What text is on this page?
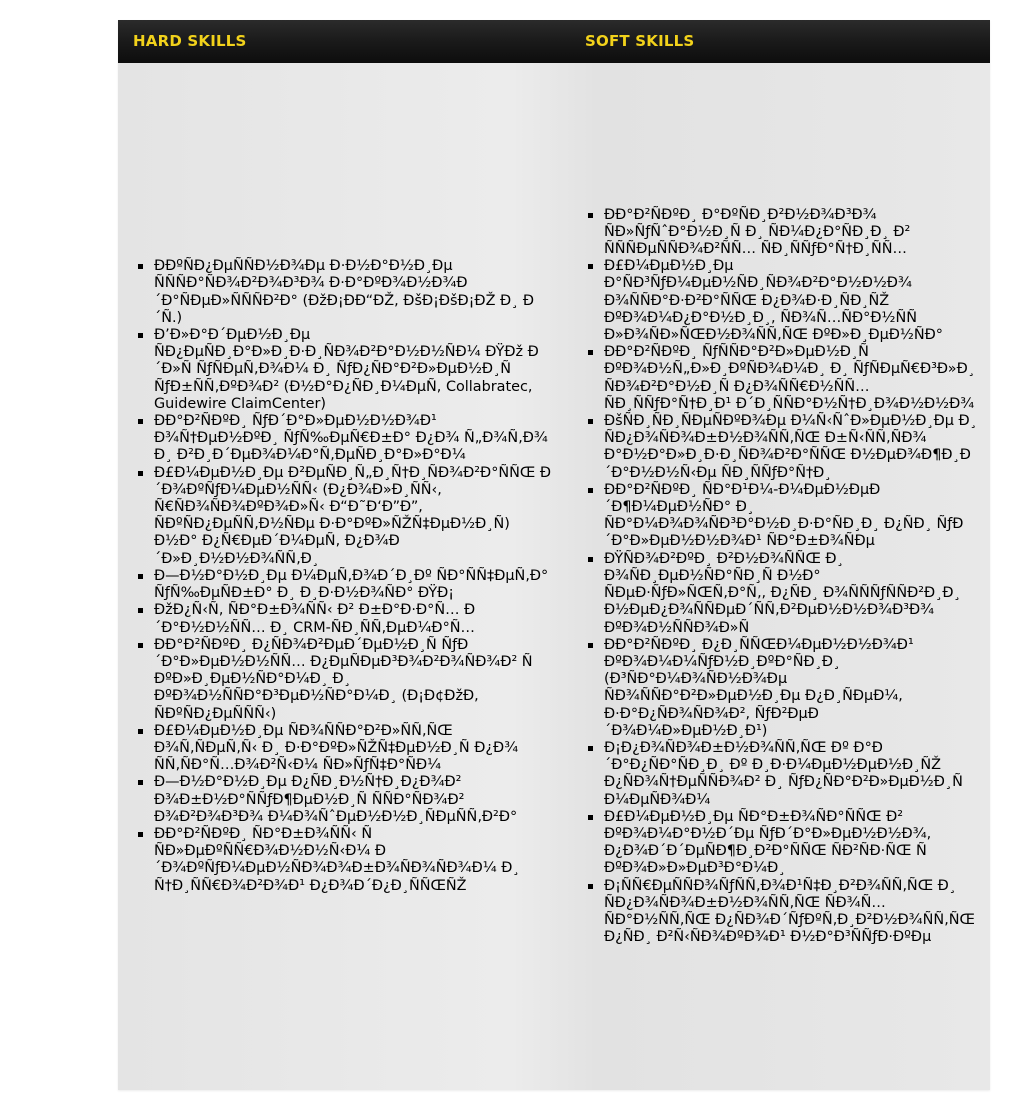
HARD SKILLS	SOFT SKILLS
ÐÐºÑÐ¿ÐµÑÑÐ½Ð¾Ðµ Ð·Ð½Ð°Ð½Ð¸Ðµ ÑÑÑÐ°ÑÐ¾Ð²Ð¾Ð³Ð¾ Ð·Ð°ÐºÐ¾Ð½Ð¾Ð´Ð°ÑÐµÐ»ÑÑÑÐ²Ð° (ÐžÐ¡ÐÐ“ÐŽ, ÐšÐ¡ÐšÐ¡ÐŽ Ð¸ Ð´Ñ.)
Ð’Ð»Ð°Ð´ÐµÐ½Ð¸Ðµ ÑÐ¿ÐµÑÐ¸Ð°Ð»Ð¸Ð·Ð¸ÑÐ¾Ð²Ð°Ð½Ð½ÑÐ¼ ÐŸÐž Ð´Ð»Ñ ÑƒÑÐµÑ‚Ð¾Ð¼ Ð¸ ÑƒÐ¿ÑÐ°Ð²Ð»ÐµÐ½Ð¸Ñ ÑƒÐ±ÑÑ‚ÐºÐ¾Ð² (Ð½Ð°Ð¿ÑÐ¸Ð¼ÐµÑ, Collabratec, Guidewire ClaimCenter)
ÐÐ°Ð²ÑÐºÐ¸ ÑƒÐ´Ð°Ð»ÐµÐ½Ð½Ð¾Ð¹ Ð¾Ñ†ÐµÐ½ÐºÐ¸ ÑƒÑ‰ÐµÑ€Ð±Ð° Ð¿Ð¾ Ñ„Ð¾Ñ‚Ð¾ Ð¸ Ð²Ð¸Ð´ÐµÐ¾Ð¼Ð°Ñ‚ÐµÑÐ¸Ð°Ð»Ð°Ð¼
Ð£Ð¼ÐµÐ½Ð¸Ðµ Ð²ÐµÑÐ¸Ñ„Ð¸Ñ†Ð¸ÑÐ¾Ð²Ð°ÑÑŒ Ð´Ð¾ÐºÑƒÐ¼ÐµÐ½ÑÑ‹ (Ð¿Ð¾Ð»Ð¸ÑÑ‹, Ñ€ÑÐ¾ÑÐ¾ÐºÐ¾Ð»Ñ‹ Ð“Ð˜Ð‘Ð”Ð”, ÑÐºÑÐ¿ÐµÑÑ‚Ð½ÑÐµ Ð·Ð°ÐºÐ»ÑŽÑ‡ÐµÐ½Ð¸Ñ) Ð½Ð° Ð¿Ñ€ÐµÐ´Ð¼ÐµÑ‚ Ð¿Ð¾Ð´Ð»Ð¸Ð½Ð½Ð¾ÑÑ‚Ð¸
Ð—Ð½Ð°Ð½Ð¸Ðµ Ð¼ÐµÑ‚Ð¾Ð´Ð¸Ðº ÑÐ°ÑÑ‡ÐµÑ‚Ð° ÑƒÑ‰ÐµÑÐ±Ð° Ð¸ Ð¸Ð·Ð½Ð¾ÑÐ° ÐŸÐ¡
ÐžÐ¿Ñ‹Ñ‚ ÑÐ°Ð±Ð¾ÑÑ‹ Ð² Ð±Ð°Ð·Ð°Ñ… Ð´Ð°Ð½Ð½ÑÑ… Ð¸ CRM-ÑÐ¸ÑÑ‚ÐµÐ¼Ð°Ñ…
ÐÐ°Ð²ÑÐºÐ¸ Ð¿ÑÐ¾Ð²ÐµÐ´ÐµÐ½Ð¸Ñ ÑƒÐ´Ð°Ð»ÐµÐ½Ð½ÑÑ… Ð¿ÐµÑÐµÐ³Ð¾Ð²Ð¾ÑÐ¾Ð² Ñ ÐºÐ»Ð¸ÐµÐ½ÑÐ°Ð¼Ð¸ Ð¸ ÐºÐ¾Ð½ÑÑÐ°Ð³ÐµÐ½ÑÐ°Ð¼Ð¸ (Ð¡Ð¢ÐžÐ, ÑÐºÑÐ¿ÐµÑÑÑ‹)
Ð£Ð¼ÐµÐ½Ð¸Ðµ ÑÐ¾ÑÑÐ°Ð²Ð»ÑÑ‚ÑŒ Ð¾Ñ‚ÑÐµÑ‚Ñ‹ Ð¸ Ð·Ð°ÐºÐ»ÑŽÑ‡ÐµÐ½Ð¸Ñ Ð¿Ð¾ ÑÑ‚ÑÐ°Ñ…Ð¾Ð²Ñ‹Ð¼ ÑÐ»ÑƒÑ‡Ð°ÑÐ¼
Ð—Ð½Ð°Ð½Ð¸Ðµ Ð¿ÑÐ¸Ð½Ñ†Ð¸Ð¿Ð¾Ð² Ð¾Ð±Ð½Ð°ÑÑƒÐ¶ÐµÐ½Ð¸Ñ ÑÑÐ°ÑÐ¾Ð² Ð¾Ð²Ð¾Ð³Ð¾ Ð¼Ð¾ÑˆÐµÐ½Ð½Ð¸ÑÐµÑÑ‚Ð²Ð°
ÐÐ°Ð²ÑÐºÐ¸ ÑÐ°Ð±Ð¾ÑÑ‹ Ñ ÑÐ»ÐµÐºÑÑ€Ð¾Ð½Ð½Ñ‹Ð¼ Ð´Ð¾ÐºÑƒÐ¼ÐµÐ½ÑÐ¾Ð¾Ð±Ð¾ÑÐ¾ÑÐ¾Ð¼ Ð¸ Ñ†Ð¸ÑÑ€Ð¾Ð²Ð¾Ð¹ Ð¿Ð¾Ð´Ð¿Ð¸ÑÑŒÑŽ
ÐÐ°Ð²ÑÐºÐ¸ Ð°ÐºÑÐ¸Ð²Ð½Ð¾Ð³Ð¾ ÑÐ»ÑƒÑˆÐ°Ð½Ð¸Ñ Ð¸ ÑÐ¼Ð¿Ð°ÑÐ¸Ð¸ Ð² ÑÑÑÐµÑÑÐ¾Ð²ÑÑ… ÑÐ¸ÑÑƒÐ°Ñ†Ð¸ÑÑ…
Ð£Ð¼ÐµÐ½Ð¸Ðµ Ð°ÑÐ³ÑƒÐ¼ÐµÐ½ÑÐ¸ÑÐ¾Ð²Ð°Ð½Ð½Ð¾ Ð¾ÑÑÐ°Ð·Ð²Ð°ÑÑŒ Ð¿Ð¾Ð·Ð¸ÑÐ¸ÑŽ ÐºÐ¾Ð¼Ð¿Ð°Ð½Ð¸Ð¸, ÑÐ¾Ñ…ÑÐ°Ð½ÑÑ Ð»Ð¾ÑÐ»ÑŒÐ½Ð¾ÑÑ‚ÑŒ ÐºÐ»Ð¸ÐµÐ½ÑÐ°
ÐÐ°Ð²ÑÐºÐ¸ ÑƒÑÑÐ°Ð²Ð»ÐµÐ½Ð¸Ñ ÐºÐ¾Ð½Ñ„Ð»Ð¸ÐºÑÐ¾Ð¼Ð¸ Ð¸ ÑƒÑÐµÑ€Ð³Ð»Ð¸ ÑÐ¾Ð²Ð°Ð½Ð¸Ñ Ð¿Ð¾ÑÑ€Ð½ÑÑ… ÑÐ¸ÑÑƒÐ°Ñ†Ð¸Ð¹ Ð´Ð¸ÑÑÐ°Ð½Ñ†Ð¸Ð¾Ð½Ð½Ð¾
ÐšÑÐ¸ÑÐ¸ÑÐµÑÐºÐ¾Ðµ Ð¼Ñ‹ÑˆÐ»ÐµÐ½Ð¸Ðµ Ð¸ ÑÐ¿Ð¾ÑÐ¾Ð±Ð½Ð¾ÑÑ‚ÑŒ Ð±Ñ‹ÑÑ‚ÑÐ¾ Ð°Ð½Ð°Ð»Ð¸Ð·Ð¸ÑÐ¾Ð²Ð°ÑÑŒ Ð½ÐµÐ¾Ð¶Ð¸Ð´Ð°Ð½Ð½Ñ‹Ðµ ÑÐ¸ÑÑƒÐ°Ñ†Ð¸
ÐÐ°Ð²ÑÐºÐ¸ ÑÐ°Ð¹Ð¼-Ð¼ÐµÐ½ÐµÐ´Ð¶Ð¼ÐµÐ½ÑÐ° Ð¸ ÑÐ°Ð¼Ð¾Ð¾ÑÐ³Ð°Ð½Ð¸Ð·Ð°ÑÐ¸Ð¸ Ð¿ÑÐ¸ ÑƒÐ´Ð°Ð»ÐµÐ½Ð½Ð¾Ð¹ ÑÐ°Ð±Ð¾ÑÐµ
ÐŸÑÐ¾Ð²ÐºÐ¸ Ð²Ð½Ð¾ÑÑŒ Ð¸ Ð¾ÑÐ¸ÐµÐ½ÑÐ°ÑÐ¸Ñ Ð½Ð° ÑÐµÐ·ÑƒÐ»ÑŒÑ‚Ð°Ñ‚, Ð¿ÑÐ¸ Ð¾ÑÑÑƒÑÑÐ²Ð¸Ð¸ Ð½ÐµÐ¿Ð¾ÑÑÐµÐ´ÑÑ‚Ð²ÐµÐ½Ð½Ð¾Ð³Ð¾ ÐºÐ¾Ð½ÑÑÐ¾Ð»Ñ
ÐÐ°Ð²ÑÐºÐ¸ Ð¿Ð¸ÑÑŒÐ¼ÐµÐ½Ð½Ð¾Ð¹ ÐºÐ¾Ð¼Ð¼ÑƒÐ½Ð¸ÐºÐ°ÑÐ¸Ð¸ (Ð³ÑÐ°Ð¼Ð¾ÑÐ½Ð¾Ðµ ÑÐ¾ÑÑÐ°Ð²Ð»ÐµÐ½Ð¸Ðµ Ð¿Ð¸ÑÐµÐ¼, Ð·Ð°Ð¿ÑÐ¾ÑÐ¾Ð², ÑƒÐ²ÐµÐ´Ð¾Ð¼Ð»ÐµÐ½Ð¸Ð¹)
Ð¡Ð¿Ð¾ÑÐ¾Ð±Ð½Ð¾ÑÑ‚ÑŒ Ðº Ð°Ð´Ð°Ð¿ÑÐ°ÑÐ¸Ð¸ Ðº Ð¸Ð·Ð¼ÐµÐ½ÐµÐ½Ð¸ÑŽ Ð¿ÑÐ¾Ñ†ÐµÑÑÐ¾Ð² Ð¸ ÑƒÐ¿ÑÐ°Ð²Ð»ÐµÐ½Ð¸Ñ Ð¼ÐµÑÐ¾Ð¼
Ð£Ð¼ÐµÐ½Ð¸Ðµ ÑÐ°Ð±Ð¾ÑÐ°ÑÑŒ Ð² ÐºÐ¾Ð¼Ð°Ð½Ð´Ðµ ÑƒÐ´Ð°Ð»ÐµÐ½Ð½Ð¾, Ð¿Ð¾Ð´Ð´ÐµÑÐ¶Ð¸Ð²Ð°ÑÑŒ ÑÐ²ÑÐ·ÑŒ Ñ ÐºÐ¾Ð»Ð»ÐµÐ³Ð°Ð¼Ð¸
Ð¡ÑÑ€ÐµÑÑÐ¾ÑƒÑÑ‚Ð¾Ð¹Ñ‡Ð¸Ð²Ð¾ÑÑ‚ÑŒ Ð¸ ÑÐ¿Ð¾ÑÐ¾Ð±Ð½Ð¾ÑÑ‚ÑŒ ÑÐ¾Ñ…ÑÐ°Ð½ÑÑ‚ÑŒ Ð¿ÑÐ¾Ð´ÑƒÐºÑ‚Ð¸Ð²Ð½Ð¾ÑÑ‚ÑŒ Ð¿ÑÐ¸ Ð²Ñ‹ÑÐ¾ÐºÐ¾Ð¹ Ð½Ð°Ð³ÑÑƒÐ·ÐºÐµ
